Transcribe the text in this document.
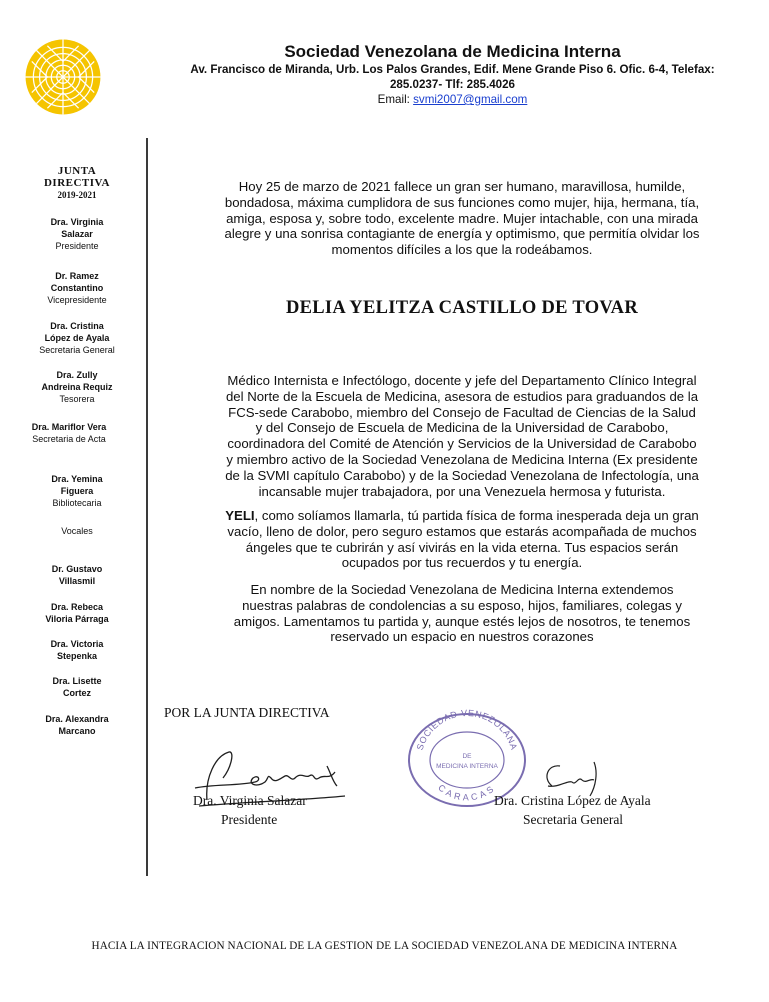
Sociedad Venezolana de Medicina Interna
Av. Francisco de Miranda, Urb. Los Palos Grandes, Edif. Mene Grande Piso 6. Ofic. 6-4, Telefax:
285.0237- Tlf: 285.4026
Email: svmi2007@gmail.com
JUNTA
DIRECTIVA
2019-2021
Dra. Virginia
Salazar
Presidente
Dr. Ramez
Constantino
Vicepresidente
Dra. Cristina
López de Ayala
Secretaria General
Dra. Zully
Andreina Requiz
Tesorera
Dra. Mariflor Vera
Secretaria de Acta
Dra. Yemina
Figuera
Bibliotecaria
Vocales
Dr. Gustavo
Villasmil
Dra. Rebeca
Viloria Párraga
Dra. Victoria
Stepenka
Dra. Lisette
Cortez
Dra. Alexandra
Marcano
Hoy 25 de marzo de 2021 fallece un gran ser humano, maravillosa, humilde,
bondadosa, máxima cumplidora de sus funciones como mujer, hija, hermana, tía,
amiga, esposa y, sobre todo, excelente madre. Mujer intachable, con una mirada
alegre y una sonrisa contagiante de energía y optimismo, que permitía olvidar los
momentos difíciles a los que la rodeábamos.
DELIA YELITZA CASTILLO DE TOVAR
Médico Internista e Infectólogo, docente y jefe del Departamento Clínico Integral
del Norte de la Escuela de Medicina, asesora de estudios para graduandos de la
FCS-sede Carabobo, miembro del Consejo de Facultad de Ciencias de la Salud
y del Consejo de Escuela de Medicina de la Universidad de Carabobo,
coordinadora del Comité de Atención y Servicios de la Universidad de Carabobo
y miembro activo de la Sociedad Venezolana de Medicina Interna (Ex presidente
de la SVMI capítulo Carabobo) y de la Sociedad Venezolana de Infectología, una
incansable mujer trabajadora, por una Venezuela hermosa y futurista.
YELI, como solíamos llamarla, tú partida física de forma inesperada deja un gran
vacío, lleno de dolor, pero seguro estamos que estarás acompañada de muchos
ángeles que te cubrirán y así vivirás en la vida eterna. Tus espacios serán
ocupados por tus recuerdos y tu energía.
En nombre de la Sociedad Venezolana de Medicina Interna extendemos
nuestras palabras de condolencias a su esposo, hijos, familiares, colegas y
amigos. Lamentamos tu partida y, aunque estés lejos de nosotros, te tenemos
reservado un espacio en nuestros corazones
POR LA JUNTA DIRECTIVA
SOCIEDAD VENEZOLANA
DE
MEDICINA INTERNA
CARACAS
Dra. Virginia Salazar
Presidente
Dra. Cristina López de Ayala
Secretaria General
HACIA LA INTEGRACION NACIONAL DE LA GESTION DE LA SOCIEDAD VENEZOLANA DE MEDICINA INTERNA
